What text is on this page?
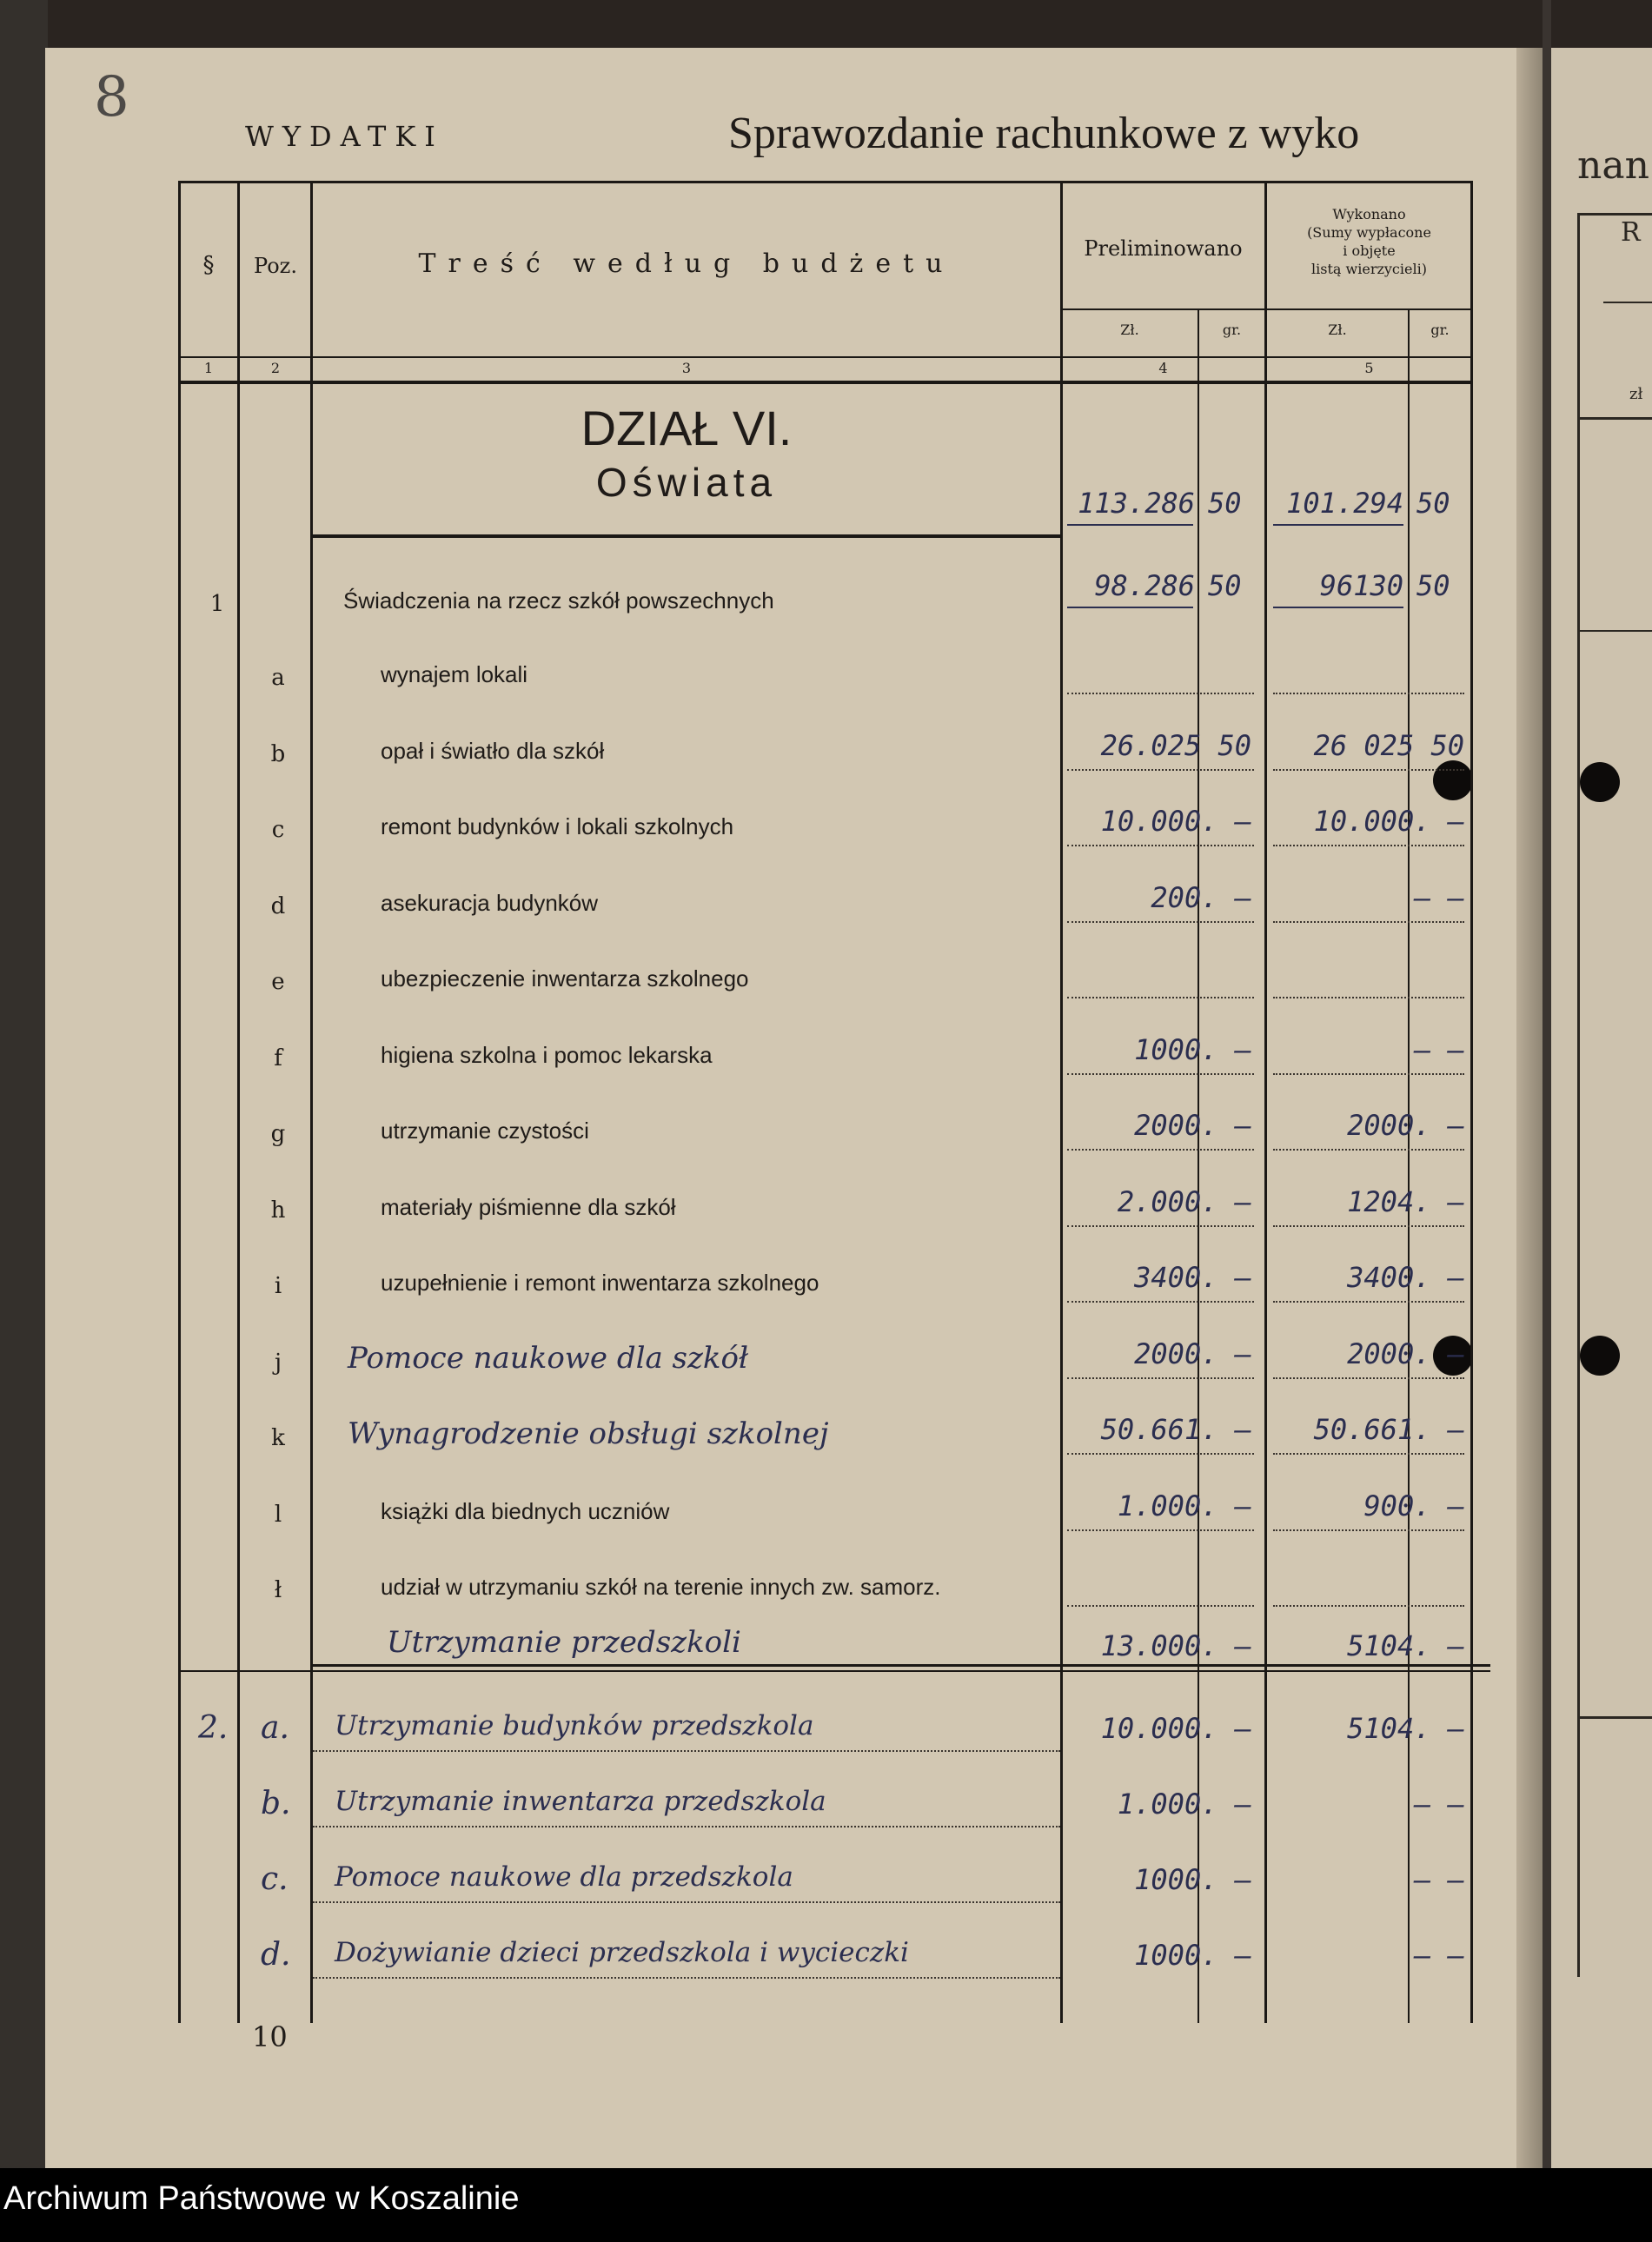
nan
R
zł
8
WYDATKI	Sprawozdanie rachunkowe z wyko
§	Poz.	Treść według budżetu	Preliminowano
Wykonano
(Sumy wypłacone
i objęte
listą wierzycieli)
Zł.	gr.	Zł.	gr.
1	2	3	4	5
DZIAŁ VI.
Oświata	113.286 50	101.294 50
1	Świadczenia na rzecz szkół powszechnych	98.286 50	96130 50
a	wynajem lokali
b	opał i światło dla szkół	26.025 50	26 025 50
c	remont budynków i lokali szkolnych	10.000. –	10.000. –
d	asekuracja budynków	200. –	– –
e	ubezpieczenie inwentarza szkolnego
f	higiena szkolna i pomoc lekarska	1000. –	– –
g	utrzymanie czystości	2000. –	2000. –
h	materiały piśmienne dla szkół	2.000. –	1204. –
i	uzupełnienie i remont inwentarza szkolnego	3400. –	3400. –
j	Pomoce naukowe dla szkół	2000. –	2000. –
k	Wynagrodzenie obsługi szkolnej	50.661. –	50.661. –
l	książki dla biednych uczniów	1.000. –	900. –
ł	udział w utrzymaniu szkół na terenie innych zw. samorz.
Utrzymanie przedszkoli	13.000. –	5104. –
2. a. Utrzymanie budynków przedszkola	10.000. –	5104. –
b. Utrzymanie inwentarza przedszkola	1.000. –	– –
c. Pomoce naukowe dla przedszkola	1000. –	– –
d. Dożywianie dzieci przedszkola i wycieczki	1000. –	– –
10
Archiwum Państwowe w Koszalinie
